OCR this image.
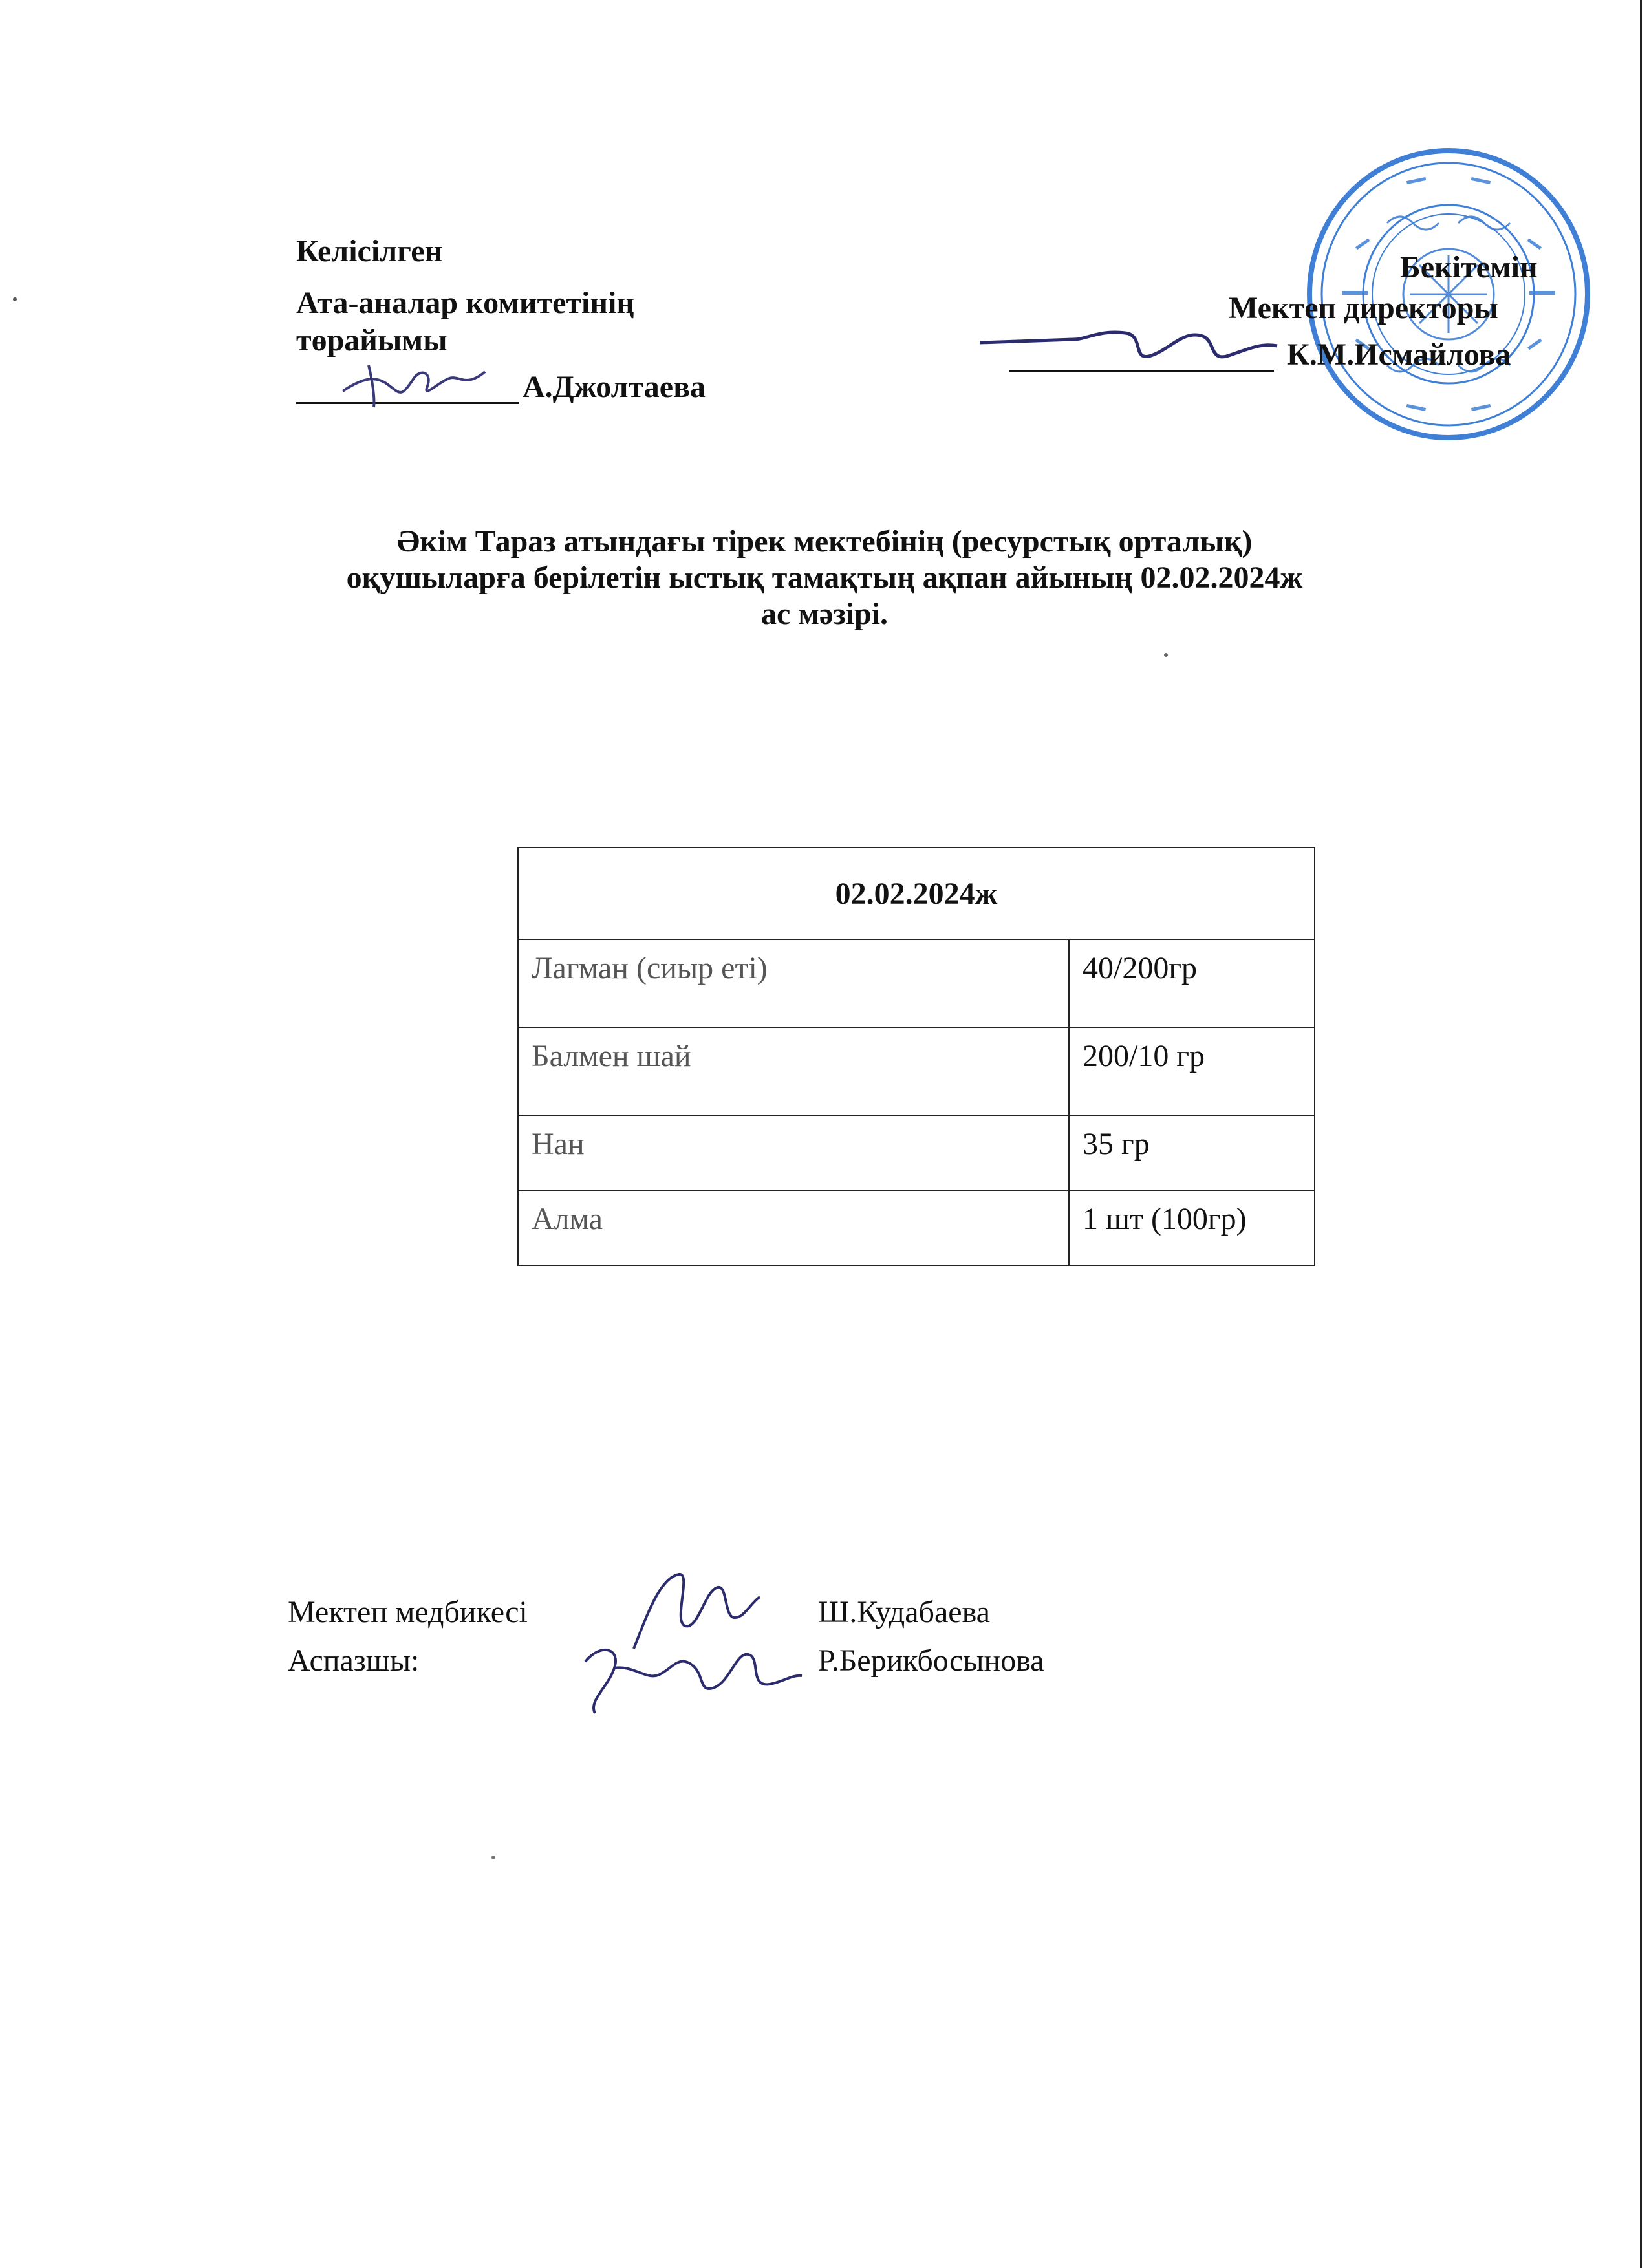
Келісілген
Ата-аналар комитетінің
төрайымы
А.Джолтаева
Бекітемін
Мектеп директоры
К.М.Исмайлова
Әкім Тараз атындағы тірек мектебінің (ресурстық орталық)
оқушыларға берілетін ыстық тамақтың ақпан айының 02.02.2024ж
ас мәзірі.
02.02.2024ж	
Лагман (сиыр еті)	40/200гр
Балмен шай	200/10 гр
Нан	35 гр
Алма	1 шт (100гр)
Мектеп медбикесі	Ш.Кудабаева
Аспазшы:	Р.Берикбосынова
